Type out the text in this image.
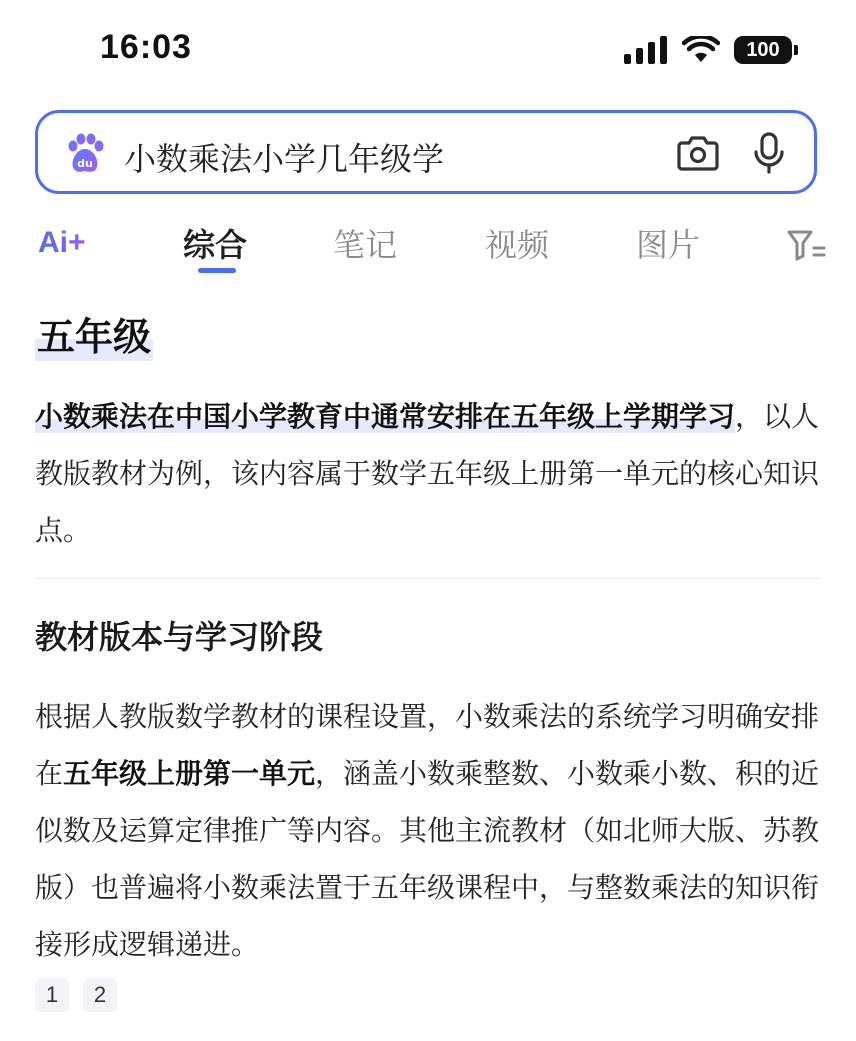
16:03	100
du 小数乘法小学几年级学
Ai+	综合	笔记	视频	图片
五年级
小数乘法在中国小学教育中通常安排在五年级上学期学习，以人教版教材为例，该内容属于数学五年级上册第一单元的核心知识点。
教材版本与学习阶段
根据人教版数学教材的课程设置，小数乘法的系统学习明确安排在五年级上册第一单元，涵盖小数乘整数、小数乘小数、积的近似数及运算定律推广等内容。其他主流教材（如北师大版、苏教版）也普遍将小数乘法置于五年级课程中，与整数乘法的知识衔接形成逻辑递进。
1	2
